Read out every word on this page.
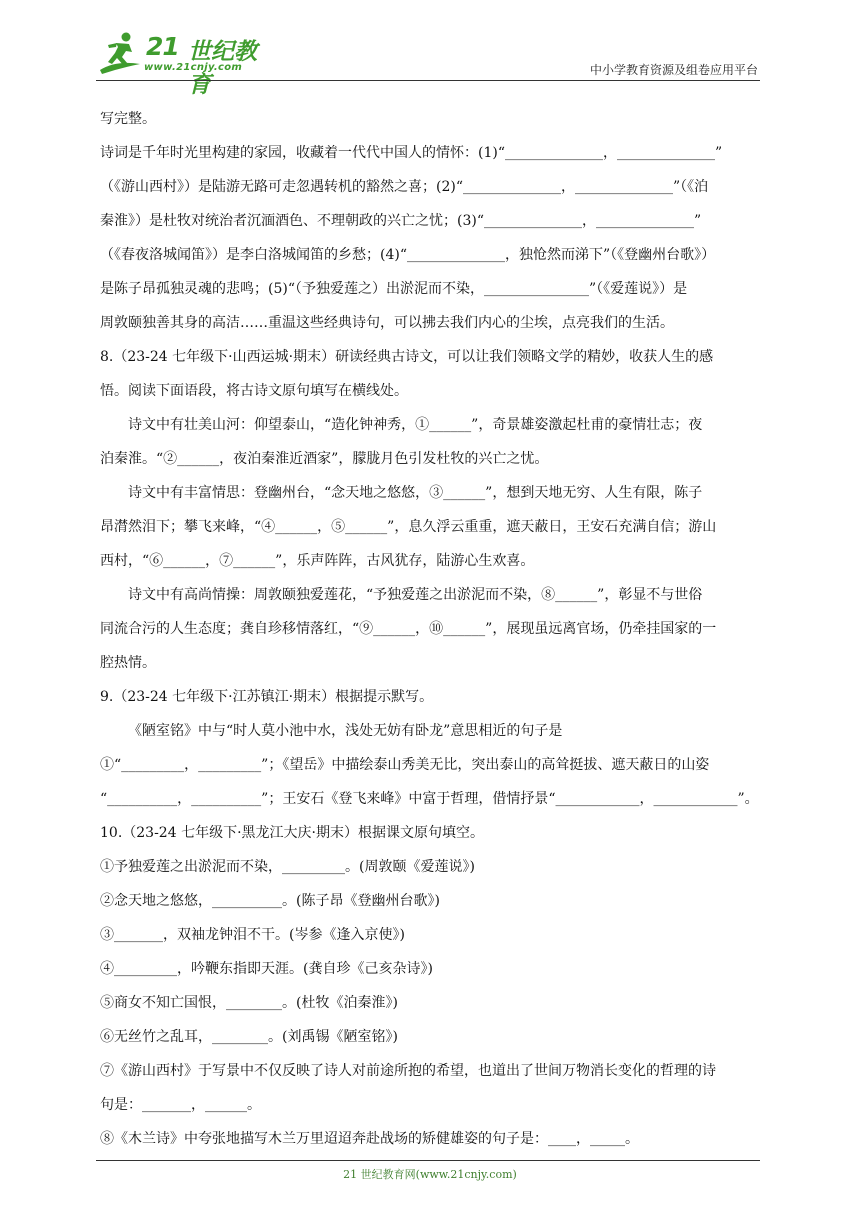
21 世纪教育
www.21cnjy.com	中小学教育资源及组卷应用平台

写完整。

诗词是千年时光里构建的家园，收藏着一代代中国人的情怀：(1)“______________，______________”

（《游山西村》）是陆游无路可走忽遇转机的豁然之喜；(2)“______________，______________”（《泊

秦淮》）是杜牧对统治者沉湎酒色、不理朝政的兴亡之忧；(3)“______________，______________”

（《春夜洛城闻笛》）是李白洛城闻笛的乡愁；(4)“______________，独怆然而涕下”（《登幽州台歌》）

是陈子昂孤独灵魂的悲鸣；(5)“（予独爱莲之）出淤泥而不染，_______________”（《爱莲说》）是

周敦颐独善其身的高洁……重温这些经典诗句，可以拂去我们内心的尘埃，点亮我们的生活。

8.（23-24 七年级下·山西运城·期末）研读经典古诗文，可以让我们领略文学的精妙，收获人生的感

悟。阅读下面语段，将古诗文原句填写在横线处。

诗文中有壮美山河：仰望泰山，“造化钟神秀，①______”，奇景雄姿激起杜甫的豪情壮志；夜

泊秦淮。“②______，夜泊秦淮近酒家”，朦胧月色引发杜牧的兴亡之忧。

诗文中有丰富情思：登幽州台，“念天地之悠悠，③______”，想到天地无穷、人生有限，陈子

昂潸然泪下；攀飞来峰，“④______，⑤______”，息久浮云重重，遮天蔽日，王安石充满自信；游山

西村，“⑥______，⑦______”，乐声阵阵，古风犹存，陆游心生欢喜。

诗文中有高尚情操：周敦颐独爱莲花，“予独爱莲之出淤泥而不染，⑧______”，彰显不与世俗

同流合污的人生态度；龚自珍移情落红，“⑨______，⑩______”，展现虽远离官场，仍牵挂国家的一

腔热情。

9.（23-24 七年级下·江苏镇江·期末）根据提示默写。

《陋室铭》中与“时人莫小池中水，浅处无妨有卧龙”意思相近的句子是

①“_________，_________”；《望岳》中描绘泰山秀美无比，突出泰山的高耸挺拔、遮天蔽日的山姿

“__________，__________”；王安石《登飞来峰》中富于哲理，借情抒景“____________，____________”。

10.（23-24 七年级下·黑龙江大庆·期末）根据课文原句填空。

①予独爱莲之出淤泥而不染，_________。(周敦颐《爱莲说》)

②念天地之悠悠，__________。(陈子昂《登幽州台歌》)

③_______，双袖龙钟泪不干。(岑参《逢入京使》)

④_________，吟鞭东指即天涯。(龚自珍《己亥杂诗》)

⑤商女不知亡国恨，________。(杜牧《泊秦淮》)

⑥无丝竹之乱耳，________。(刘禹锡《陋室铭》)

⑦《游山西村》于写景中不仅反映了诗人对前途所抱的希望，也道出了世间万物消长变化的哲理的诗

句是：_______，______。

⑧《木兰诗》中夸张地描写木兰万里迢迢奔赴战场的矫健雄姿的句子是：____，_____。

21 世纪教育网(www.21cnjy.com)
